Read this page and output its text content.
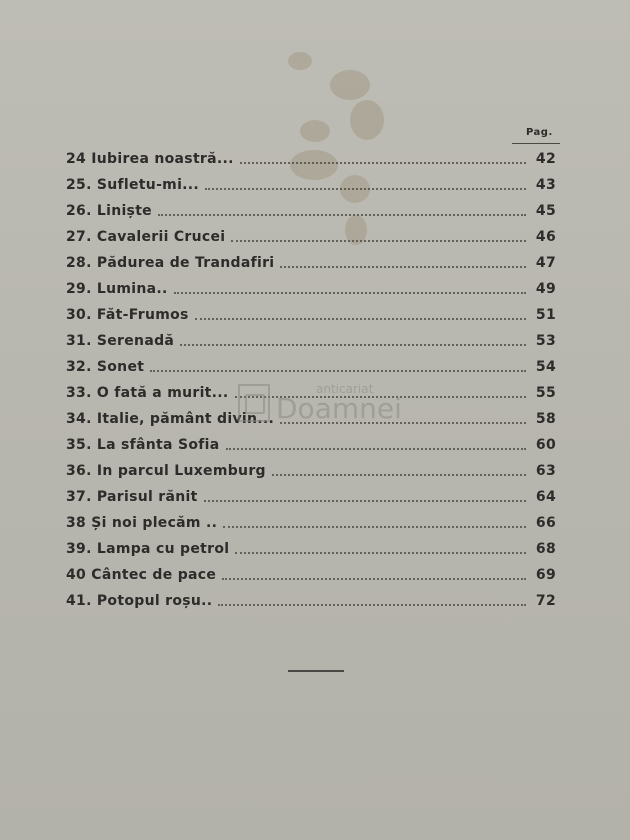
Pag.
24 Iubirea noastră...	42
25. Sufletu-mi...	43
26. Liniște	45
27. Cavalerii Crucei	46
28. Pădurea de Trandafiri	47
29. Lumina..	49
30. Făt-Frumos	51
31. Serenadă	53
32. Sonet	54
33. O fată a murit...	55
34. Italie, pământ divin...	58
35. La sfânta Sofia	60
36. In parcul Luxemburg	63
37. Parisul rănit	64
38 Și noi plecăm ..	66
39. Lampa cu petrol	68
40 Cântec de pace	69
41. Potopul roșu..	72
anticariat
Doamnei
